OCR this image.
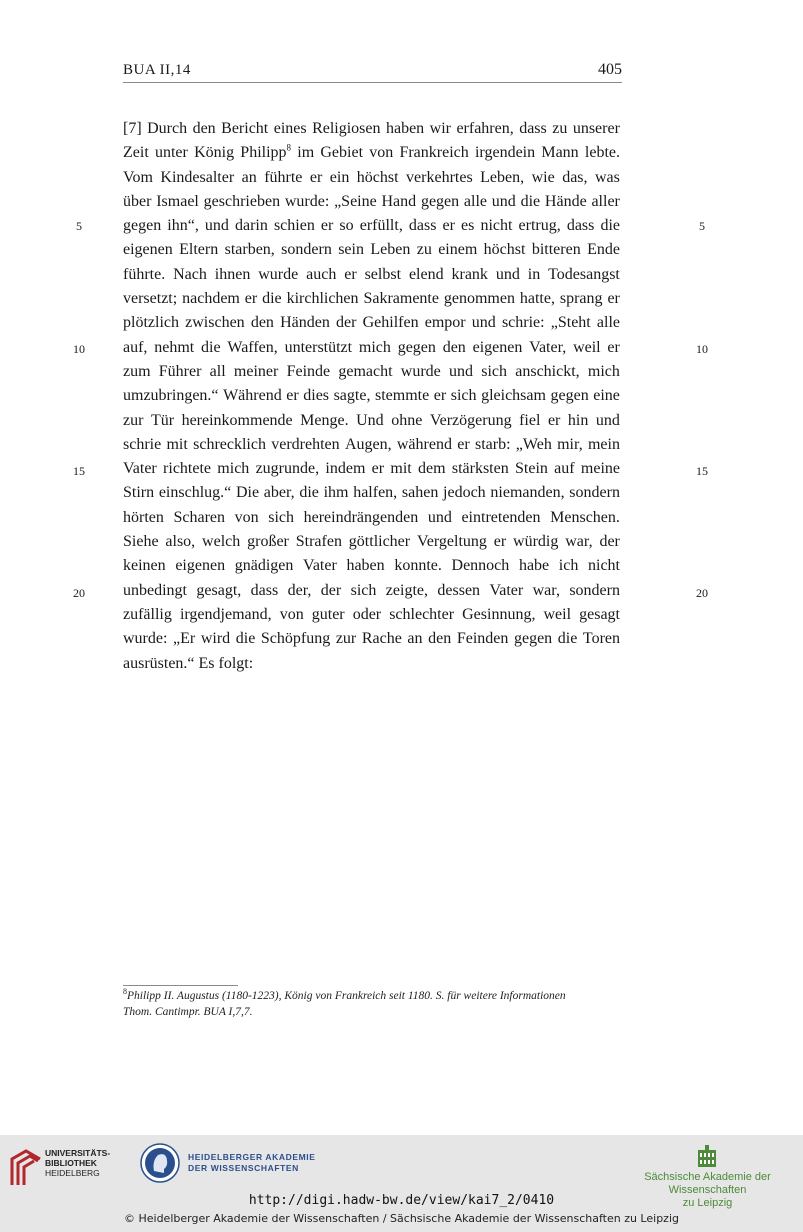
BUA II,14	405
[7] Durch den Bericht eines Religiosen haben wir erfahren, dass zu unserer
Zeit unter König Philipp$^8$ im Gebiet von Frankreich irgendein Mann lebte.
Vom Kindesalter an führte er ein höchst verkehrtes Leben, wie das, was
über Ismael geschrieben wurde: „Seine Hand gegen alle und die Hände aller
gegen ihn“, und darin schien er so erfüllt, dass er es nicht ertrug, dass die
eigenen Eltern starben, sondern sein Leben zu einem höchst bitteren Ende
führte. Nach ihnen wurde auch er selbst elend krank und in Todesangst
versetzt; nachdem er die kirchlichen Sakramente genommen hatte, sprang er
plötzlich zwischen den Händen der Gehilfen empor und schrie: „Steht alle
auf, nehmt die Waffen, unterstützt mich gegen den eigenen Vater, weil er
zum Führer all meiner Feinde gemacht wurde und sich anschickt, mich
umzubringen.“ Während er dies sagte, stemmte er sich gleichsam gegen eine
zur Tür hereinkommende Menge. Und ohne Verzögerung fiel er hin und
schrie mit schrecklich verdrehten Augen, während er starb: „Weh mir, mein
Vater richtete mich zugrunde, indem er mit dem stärksten Stein auf meine
Stirn einschlug.“ Die aber, die ihm halfen, sahen jedoch niemanden, sondern
hörten Scharen von sich hereindrängenden und eintretenden Menschen.
Siehe also, welch großer Strafen göttlicher Vergeltung er würdig war, der
keinen eigenen gnädigen Vater haben konnte. Dennoch habe ich nicht
unbedingt gesagt, dass der, der sich zeigte, dessen Vater war, sondern
zufällig irgendjemand, von guter oder schlechter Gesinnung, weil gesagt
wurde: „Er wird die Schöpfung zur Rache an den Feinden gegen die Toren
ausrüsten.“ Es folgt:
5	5
10	10
15	15
20	20
$^8$Philipp II. Augustus (1180-1223), König von Frankreich seit 1180. S. für weitere Informationen
Thom. Cantimpr. BUA I,7,7.
UNIVERSITÄTS-
BIBLIOTHEK
HEIDELBERG
HEIDELBERGER AKADEMIE
DER WISSENSCHAFTEN
Sächsische Akademie der Wissenschaften
zu Leipzig
http://digi.hadw-bw.de/view/kai7_2/0410
© Heidelberger Akademie der Wissenschaften / Sächsische Akademie der Wissenschaften zu Leipzig
